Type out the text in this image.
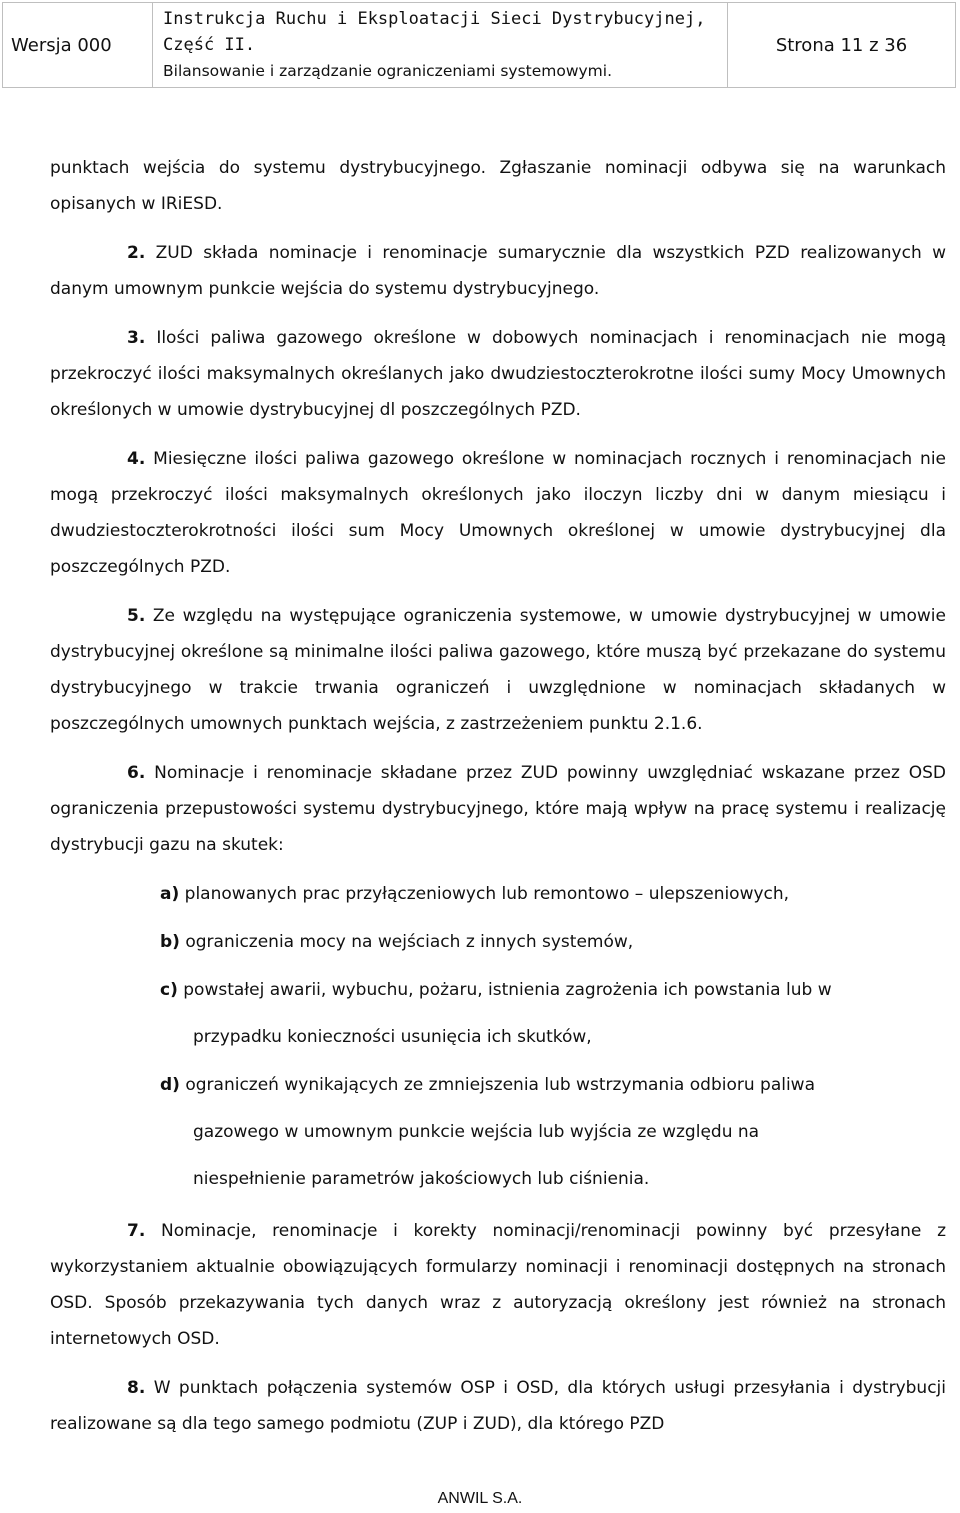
Wersja 000
Instrukcja Ruchu i Eksploatacji Sieci Dystrybucyjnej, Część II.
Bilansowanie i zarządzanie ograniczeniami systemowymi.
Strona 11 z 36

punktach wejścia do systemu dystrybucyjnego. Zgłaszanie nominacji odbywa się na warunkach opisanych w IRiESD.

2. ZUD składa nominacje i renominacje sumarycznie dla wszystkich PZD realizowanych w danym umownym punkcie wejścia do systemu dystrybucyjnego.

3. Ilości paliwa gazowego określone w dobowych nominacjach i renominacjach nie mogą przekroczyć ilości maksymalnych określanych jako dwudziestoczterokrotne ilości sumy Mocy Umownych określonych w umowie dystrybucyjnej dl poszczególnych PZD.

4. Miesięczne ilości paliwa gazowego określone w nominacjach rocznych i renominacjach nie mogą przekroczyć ilości maksymalnych określonych jako iloczyn liczby dni w danym miesiącu i dwudziestoczterokrotności ilości sum Mocy Umownych określonej w umowie dystrybucyjnej dla poszczególnych PZD.

5. Ze względu na występujące ograniczenia systemowe, w umowie dystrybucyjnej w umowie dystrybucyjnej określone są minimalne ilości paliwa gazowego, które muszą być przekazane do systemu dystrybucyjnego w trakcie trwania ograniczeń i uwzględnione w nominacjach składanych w poszczególnych umownych punktach wejścia, z zastrzeżeniem punktu 2.1.6.

6. Nominacje i renominacje składane przez ZUD powinny uwzględniać wskazane przez OSD ograniczenia przepustowości systemu dystrybucyjnego, które mają wpływ na pracę systemu i realizację dystrybucji gazu na skutek:

a) planowanych prac przyłączeniowych lub remontowo – ulepszeniowych,

b) ograniczenia mocy na wejściach z innych systemów,

c) powstałej awarii, wybuchu, pożaru, istnienia zagrożenia ich powstania lub w

przypadku konieczności usunięcia ich skutków,

d) ograniczeń wynikających ze zmniejszenia lub wstrzymania odbioru paliwa

gazowego w umownym punkcie wejścia lub wyjścia ze względu na

niespełnienie parametrów jakościowych lub ciśnienia.

7. Nominacje, renominacje i korekty nominacji/renominacji powinny być przesyłane z wykorzystaniem aktualnie obowiązujących formularzy nominacji i renominacji dostępnych na stronach OSD. Sposób przekazywania tych danych wraz z autoryzacją określony jest również na stronach internetowych OSD.

8. W punktach połączenia systemów OSP i OSD, dla których usługi przesyłania i dystrybucji realizowane są dla tego samego podmiotu (ZUP i ZUD), dla którego PZD

ANWIL S.A.
